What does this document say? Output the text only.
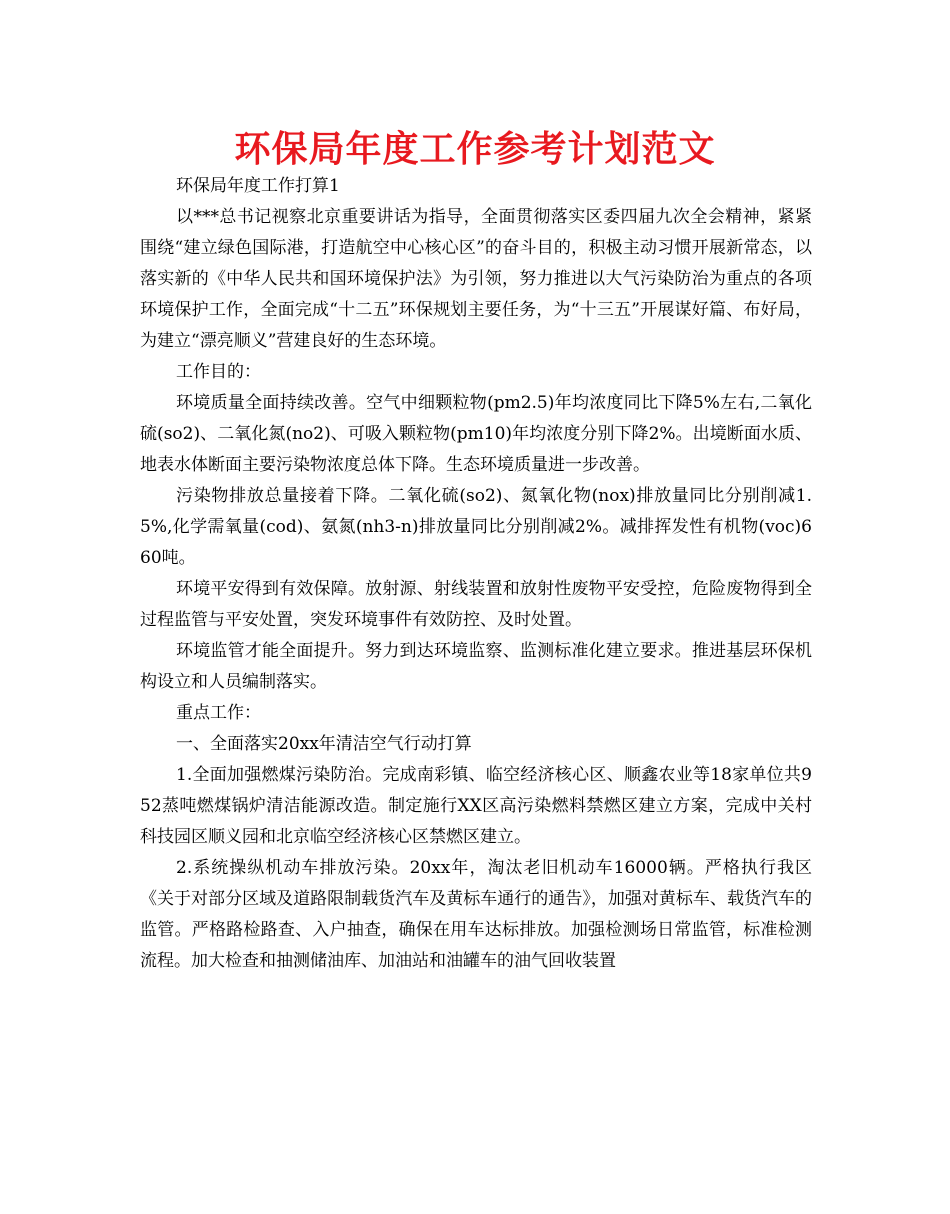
环保局年度工作参考计划范文

环保局年度工作打算1

以***总书记视察北京重要讲话为指导，全面贯彻落实区委四届九次全会精神，紧紧围绕“建立绿色国际港，打造航空中心核心区”的奋斗目的，积极主动习惯开展新常态，以落实新的《中华人民共和国环境保护法》为引领，努力推进以大气污染防治为重点的各项环境保护工作，全面完成“十二五”环保规划主要任务，为“十三五”开展谋好篇、布好局，为建立“漂亮顺义”营建良好的生态环境。

工作目的：

环境质量全面持续改善。空气中细颗粒物(pm2.5)年均浓度同比下降5%左右,二氧化硫(so2)、二氧化氮(no2)、可吸入颗粒物(pm10)年均浓度分别下降2%。出境断面水质、地表水体断面主要污染物浓度总体下降。生态环境质量进一步改善。

污染物排放总量接着下降。二氧化硫(so2)、氮氧化物(nox)排放量同比分别削减1.5%,化学需氧量(cod)、氨氮(nh3-n)排放量同比分别削减2%。减排挥发性有机物(voc)660吨。

环境平安得到有效保障。放射源、射线装置和放射性废物平安受控，危险废物得到全过程监管与平安处置，突发环境事件有效防控、及时处置。

环境监管才能全面提升。努力到达环境监察、监测标准化建立要求。推进基层环保机构设立和人员编制落实。

重点工作：

一、全面落实20xx年清洁空气行动打算

1.全面加强燃煤污染防治。完成南彩镇、临空经济核心区、顺鑫农业等18家单位共952蒸吨燃煤锅炉清洁能源改造。制定施行XX区高污染燃料禁燃区建立方案，完成中关村科技园区顺义园和北京临空经济核心区禁燃区建立。

2.系统操纵机动车排放污染。20xx年，淘汰老旧机动车16000辆。严格执行我区《关于对部分区域及道路限制载货汽车及黄标车通行的通告》，加强对黄标车、载货汽车的监管。严格路检路查、入户抽查，确保在用车达标排放。加强检测场日常监管，标准检测流程。加大检查和抽测储油库、加油站和油罐车的油气回收装置
